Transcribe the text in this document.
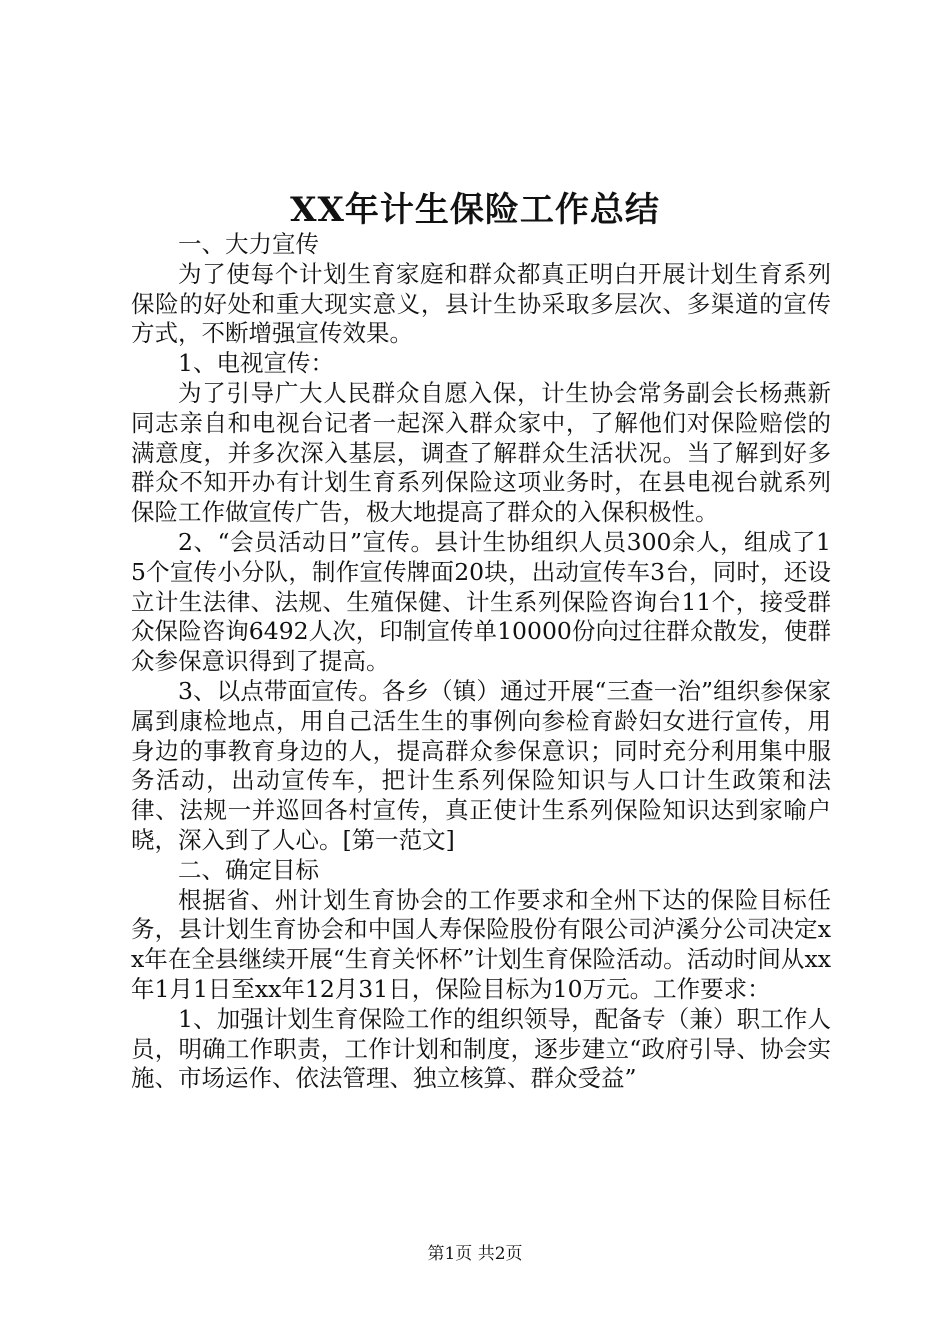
XX年计生保险工作总结

一、大力宣传

为了使每个计划生育家庭和群众都真正明白开展计划生育系列保险的好处和重大现实意义，县计生协采取多层次、多渠道的宣传方式，不断增强宣传效果。

1、电视宣传：

为了引导广大人民群众自愿入保，计生协会常务副会长杨燕新同志亲自和电视台记者一起深入群众家中，了解他们对保险赔偿的满意度，并多次深入基层，调查了解群众生活状况。当了解到好多群众不知开办有计划生育系列保险这项业务时，在县电视台就系列保险工作做宣传广告，极大地提高了群众的入保积极性。

2、“会员活动日”宣传。县计生协组织人员300余人，组成了15个宣传小分队，制作宣传牌面20块，出动宣传车3台，同时，还设立计生法律、法规、生殖保健、计生系列保险咨询台11个，接受群众保险咨询6492人次，印制宣传单10000份向过往群众散发，使群众参保意识得到了提高。

3、以点带面宣传。各乡（镇）通过开展“三查一治”组织参保家属到康检地点，用自己活生生的事例向参检育龄妇女进行宣传，用身边的事教育身边的人，提高群众参保意识；同时充分利用集中服务活动，出动宣传车，把计生系列保险知识与人口计生政策和法律、法规一并巡回各村宣传，真正使计生系列保险知识达到家喻户晓，深入到了人心。[第一范文]

二、确定目标

根据省、州计划生育协会的工作要求和全州下达的保险目标任务，县计划生育协会和中国人寿保险股份有限公司泸溪分公司决定xx年在全县继续开展“生育关怀杯”计划生育保险活动。活动时间从xx年1月1日至xx年12月31日，保险目标为10万元。工作要求：

1、加强计划生育保险工作的组织领导，配备专（兼）职工作人员，明确工作职责，工作计划和制度，逐步建立“政府引导、协会实施、市场运作、依法管理、独立核算、群众受益”

第1页 共2页
